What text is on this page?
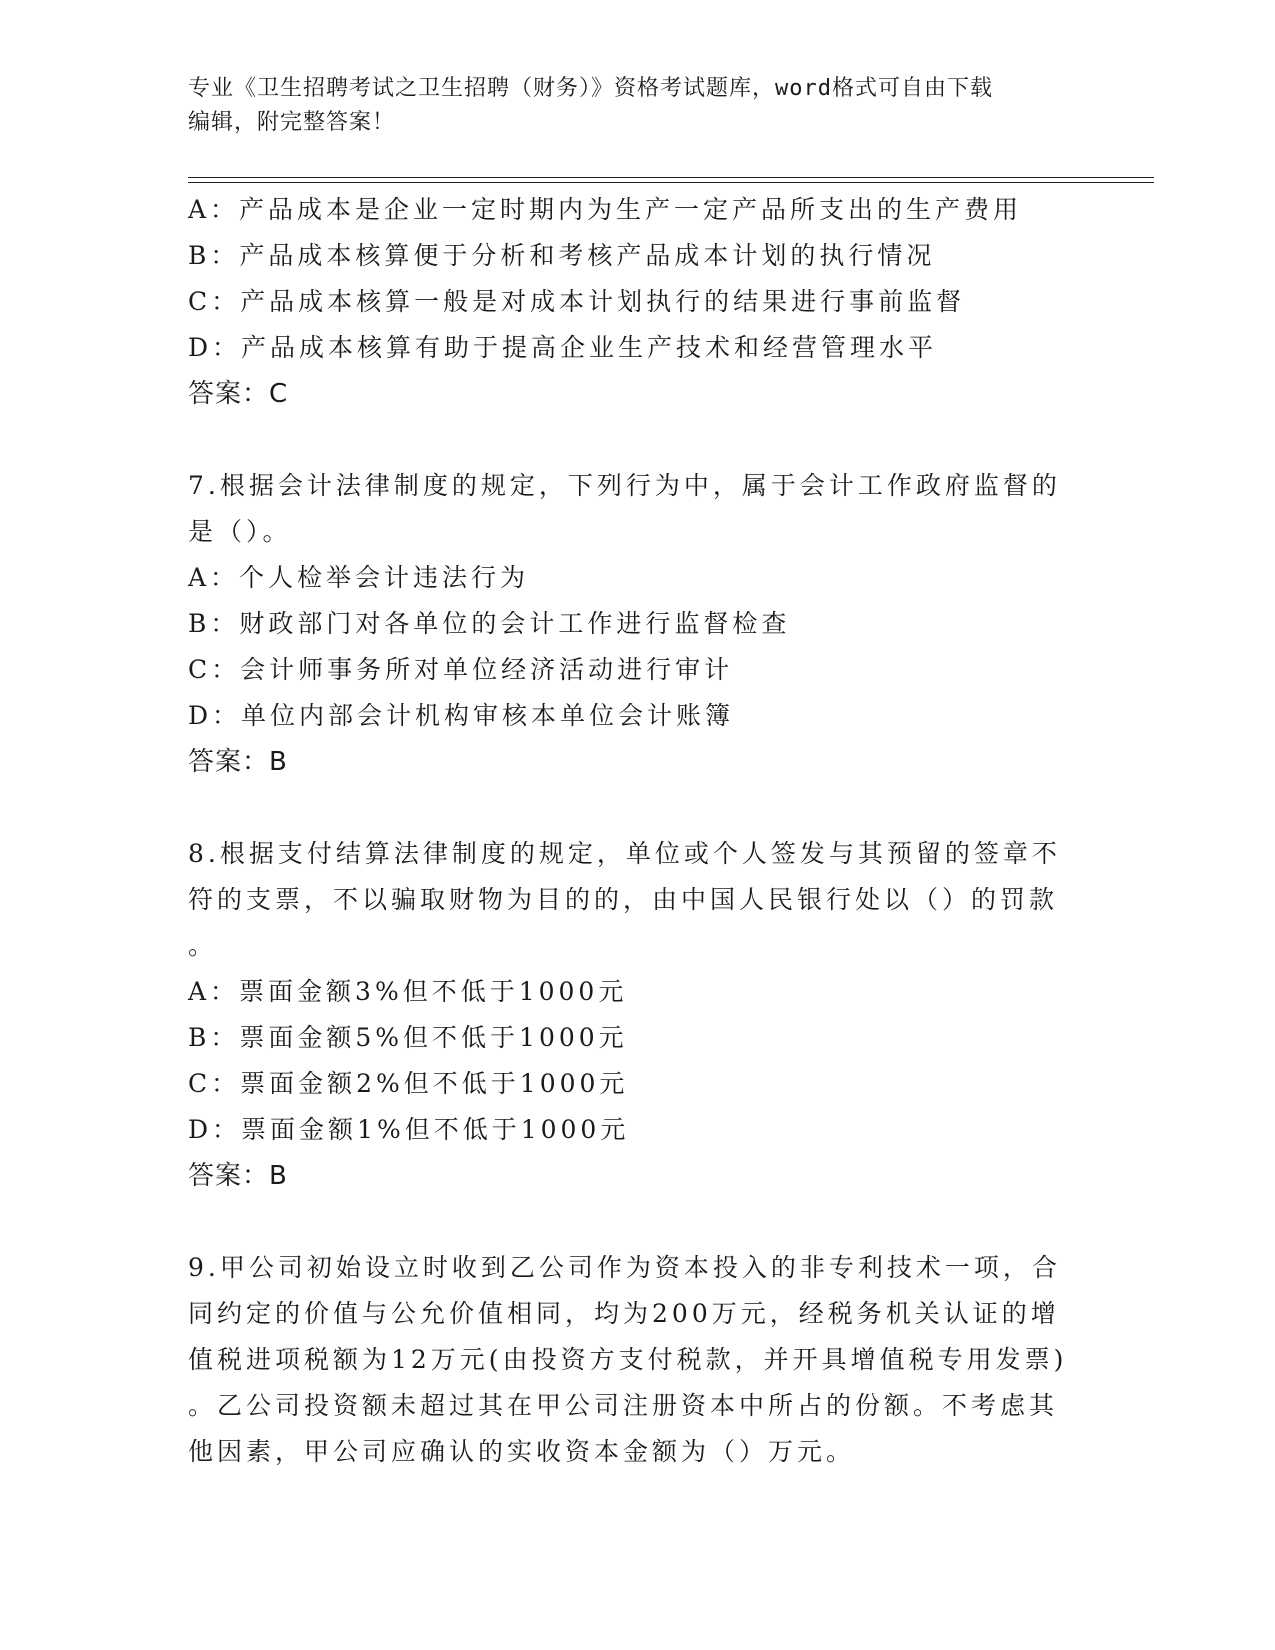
专业《卫生招聘考试之卫生招聘（财务）》资格考试题库，word格式可自由下载
编辑，附完整答案！
A：产品成本是企业一定时期内为生产一定产品所支出的生产费用
B：产品成本核算便于分析和考核产品成本计划的执行情况
C：产品成本核算一般是对成本计划执行的结果进行事前监督
D：产品成本核算有助于提高企业生产技术和经营管理水平
答案：C
7.根据会计法律制度的规定，下列行为中，属于会计工作政府监督的
是（）。
A：个人检举会计违法行为
B：财政部门对各单位的会计工作进行监督检查
C：会计师事务所对单位经济活动进行审计
D：单位内部会计机构审核本单位会计账簿
答案：B
8.根据支付结算法律制度的规定，单位或个人签发与其预留的签章不
符的支票，不以骗取财物为目的的，由中国人民银行处以（）的罚款
。
A：票面金额3%但不低于1000元
B：票面金额5%但不低于1000元
C：票面金额2%但不低于1000元
D：票面金额1%但不低于1000元
答案：B
9.甲公司初始设立时收到乙公司作为资本投入的非专利技术一项，合
同约定的价值与公允价值相同，均为200万元，经税务机关认证的增
值税进项税额为12万元(由投资方支付税款，并开具增值税专用发票)
。乙公司投资额未超过其在甲公司注册资本中所占的份额。不考虑其
他因素，甲公司应确认的实收资本金额为（）万元。
